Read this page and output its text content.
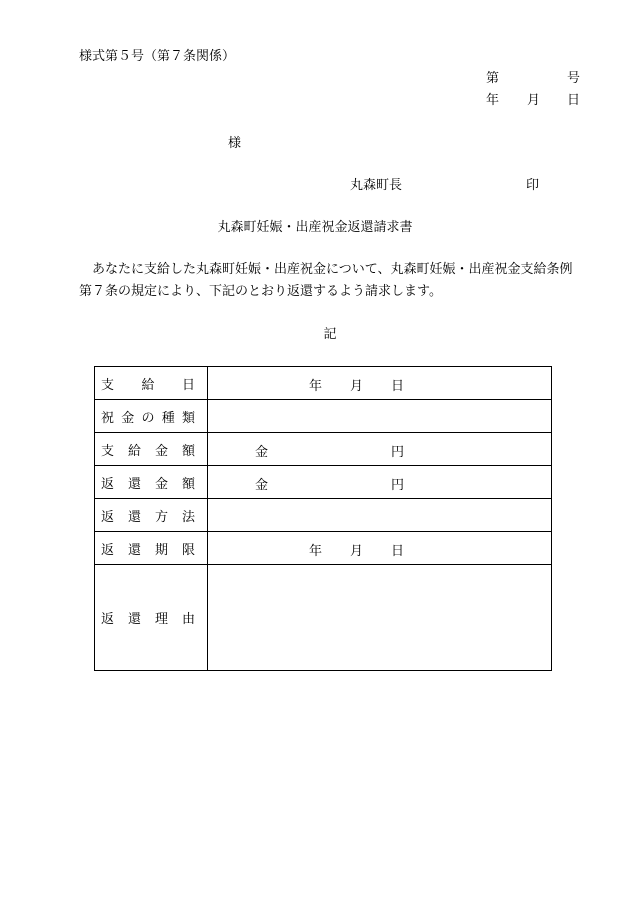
様式第５号（第７条関係）
第	号
年 月 日
様
丸森町長	印
丸森町妊娠・出産祝金返還請求書
あなたに支給した丸森町妊娠・出産祝金について、丸森町妊娠・出産祝金支給条例第７条の規定により、下記のとおり返還するよう請求します。
記
支 給 日	年 月 日

祝 金 の 種 類	

支 給 金 額	金 円

返 還 金 額	金 円

返 還 方 法	

返 還 期 限	年 月 日

返 還 理 由	
